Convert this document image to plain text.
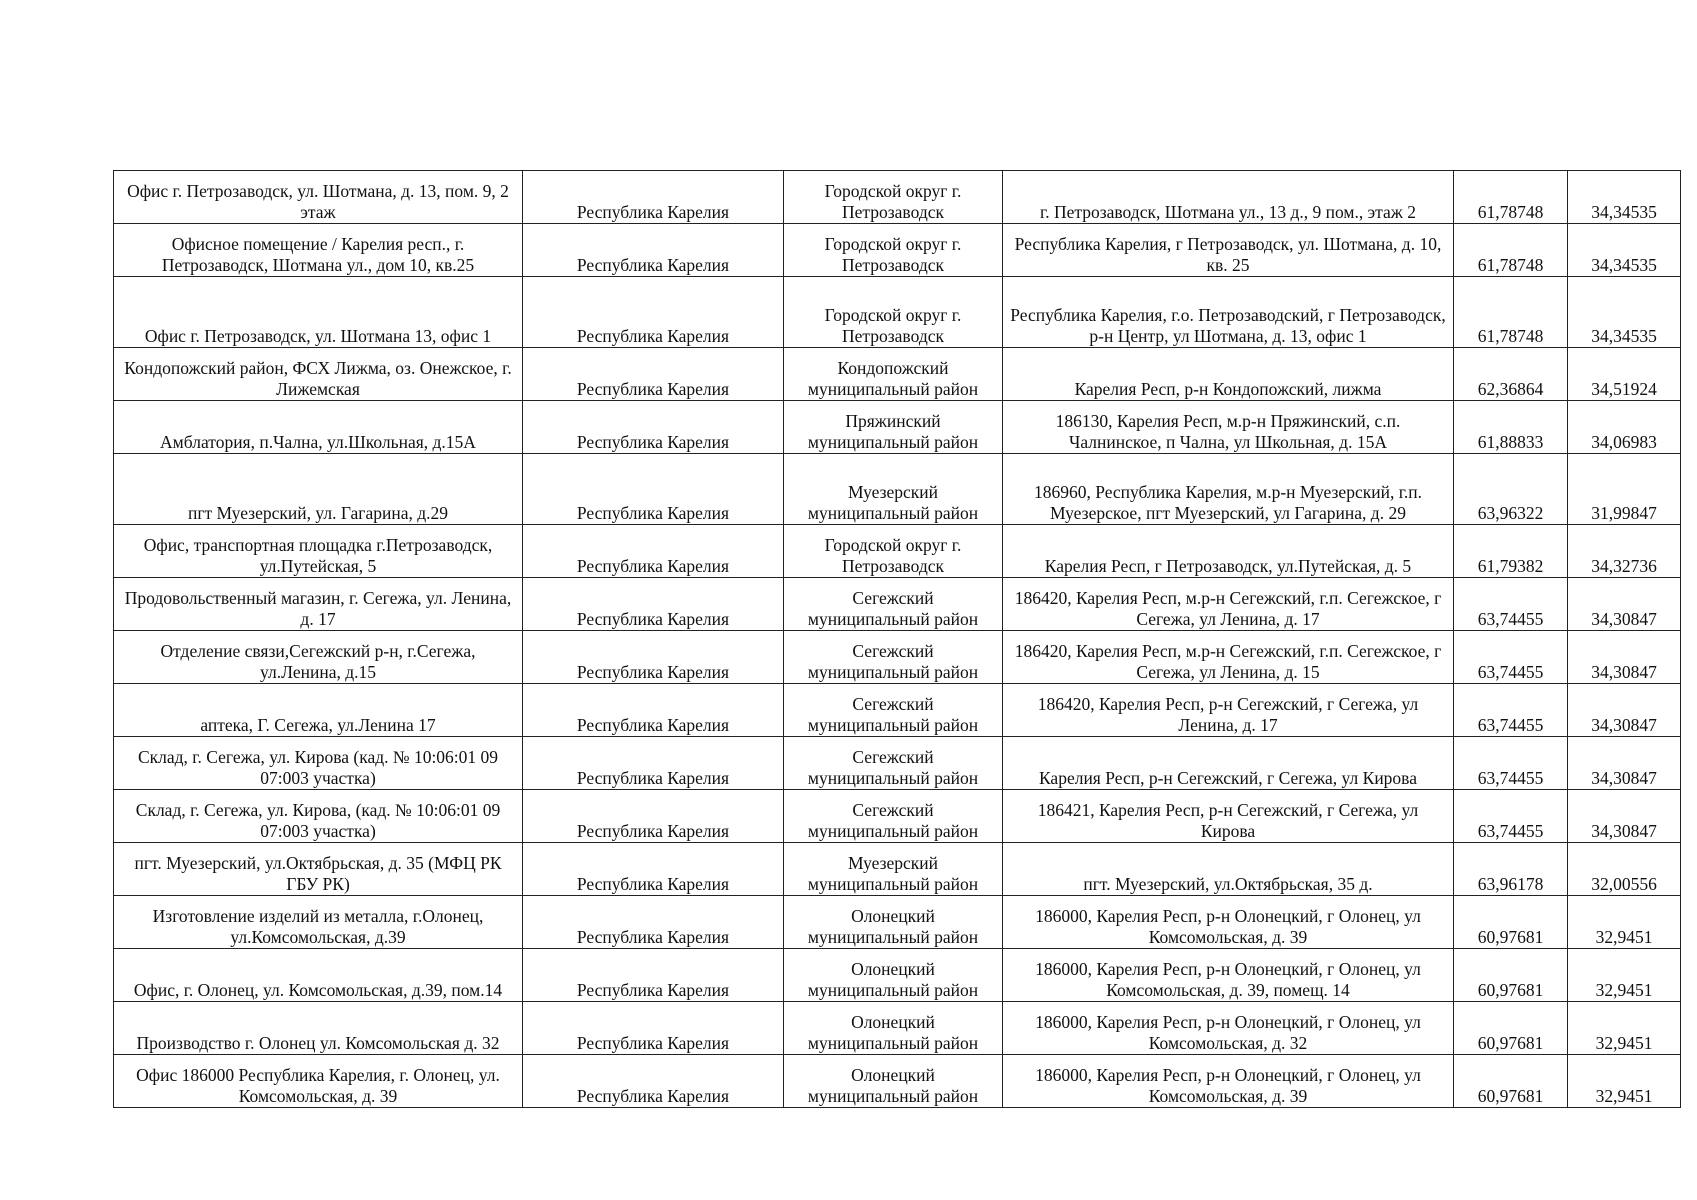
Офис г. Петрозаводск, ул. Шотмана, д. 13, пом. 9, 2 этаж	Республика Карелия	Городской округ г. Петрозаводск	г. Петрозаводск, Шотмана ул., 13 д., 9 пом., этаж 2	61,78748	34,34535
Офисное помещение / Карелия респ., г. Петрозаводск, Шотмана ул., дом 10, кв.25	Республика Карелия	Городской округ г. Петрозаводск	Республика Карелия, г Петрозаводск, ул. Шотмана, д. 10, кв. 25	61,78748	34,34535
Офис г. Петрозаводск, ул. Шотмана 13, офис 1	Республика Карелия	Городской округ г. Петрозаводск	Республика Карелия, г.о. Петрозаводский, г Петрозаводск, р-н Центр, ул Шотмана, д. 13, офис 1	61,78748	34,34535
Кондопожский район, ФСХ Лижма, оз. Онежское, г. Лижемская	Республика Карелия	Кондопожский муниципальный район	Карелия Респ, р-н Кондопожский, лижма	62,36864	34,51924
Амблатория, п.Чална, ул.Школьная, д.15А	Республика Карелия	Пряжинский муниципальный район	186130, Карелия Респ, м.р-н Пряжинский, с.п. Чалнинское, п Чална, ул Школьная, д. 15А	61,88833	34,06983
пгт Муезерский, ул. Гагарина, д.29	Республика Карелия	Муезерский муниципальный район	186960, Республика Карелия, м.р-н Муезерский, г.п. Муезерское, пгт Муезерский, ул Гагарина, д. 29	63,96322	31,99847
Офис, транспортная площадка г.Петрозаводск, ул.Путейская, 5	Республика Карелия	Городской округ г. Петрозаводск	Карелия Респ, г Петрозаводск, ул.Путейская, д. 5	61,79382	34,32736
Продовольственный магазин, г. Сегежа, ул. Ленина, д. 17	Республика Карелия	Сегежский муниципальный район	186420, Карелия Респ, м.р-н Сегежский, г.п. Сегежское, г Сегежа, ул Ленина, д. 17	63,74455	34,30847
Отделение связи,Сегежский р-н, г.Сегежа, ул.Ленина, д.15	Республика Карелия	Сегежский муниципальный район	186420, Карелия Респ, м.р-н Сегежский, г.п. Сегежское, г Сегежа, ул Ленина, д. 15	63,74455	34,30847
аптека, Г. Сегежа, ул.Ленина 17	Республика Карелия	Сегежский муниципальный район	186420, Карелия Респ, р-н Сегежский, г Сегежа, ул Ленина, д. 17	63,74455	34,30847
Склад, г. Сегежа, ул. Кирова (кад. № 10:06:01 09 07:003 участка)	Республика Карелия	Сегежский муниципальный район	Карелия Респ, р-н Сегежский, г Сегежа, ул Кирова	63,74455	34,30847
Склад, г. Сегежа, ул. Кирова, (кад. № 10:06:01 09 07:003 участка)	Республика Карелия	Сегежский муниципальный район	186421, Карелия Респ, р-н Сегежский, г Сегежа, ул Кирова	63,74455	34,30847
пгт. Муезерский, ул.Октябрьская, д. 35 (МФЦ РК ГБУ РК)	Республика Карелия	Муезерский муниципальный район	пгт. Муезерский, ул.Октябрьская, 35 д.	63,96178	32,00556
Изготовление изделий из металла, г.Олонец, ул.Комсомольская, д.39	Республика Карелия	Олонецкий муниципальный район	186000, Карелия Респ, р-н Олонецкий, г Олонец, ул Комсомольская, д. 39	60,97681	32,9451
Офис, г. Олонец, ул. Комсомольская, д.39, пом.14	Республика Карелия	Олонецкий муниципальный район	186000, Карелия Респ, р-н Олонецкий, г Олонец, ул Комсомольская, д. 39, помещ. 14	60,97681	32,9451
Производство г. Олонец ул. Комсомольская д. 32	Республика Карелия	Олонецкий муниципальный район	186000, Карелия Респ, р-н Олонецкий, г Олонец, ул Комсомольская, д. 32	60,97681	32,9451
Офис 186000 Республика Карелия, г. Олонец, ул. Комсомольская, д. 39	Республика Карелия	Олонецкий муниципальный район	186000, Карелия Респ, р-н Олонецкий, г Олонец, ул Комсомольская, д. 39	60,97681	32,9451
